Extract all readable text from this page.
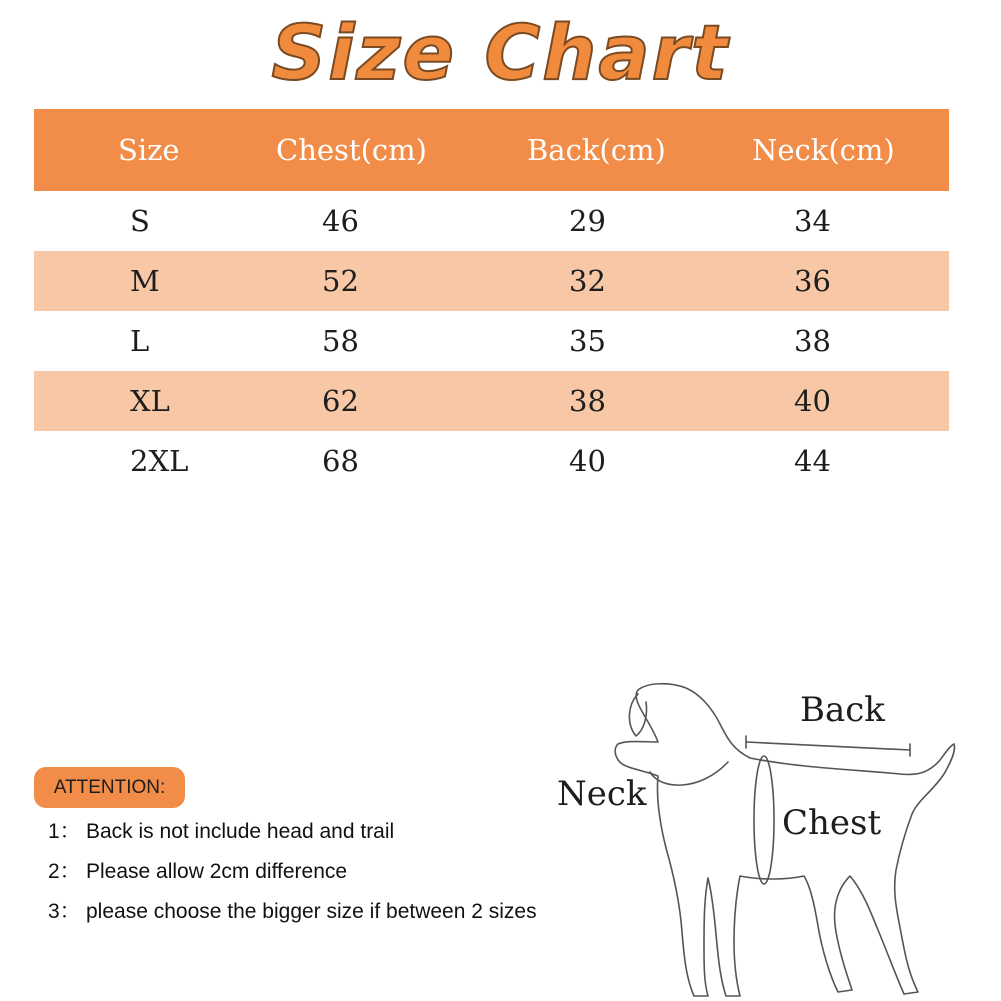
Size Chart
Size	Chest(cm)	Back(cm)	Neck(cm)
S	46	29	34
M	52	32	36
L	58	35	38
XL	62	38	40
2XL	68	40	44
ATTENTION:
1： Back is not include head and trail
2： Please allow 2cm difference
3： please choose the bigger size if between 2 sizes
Back
Neck
Chest
